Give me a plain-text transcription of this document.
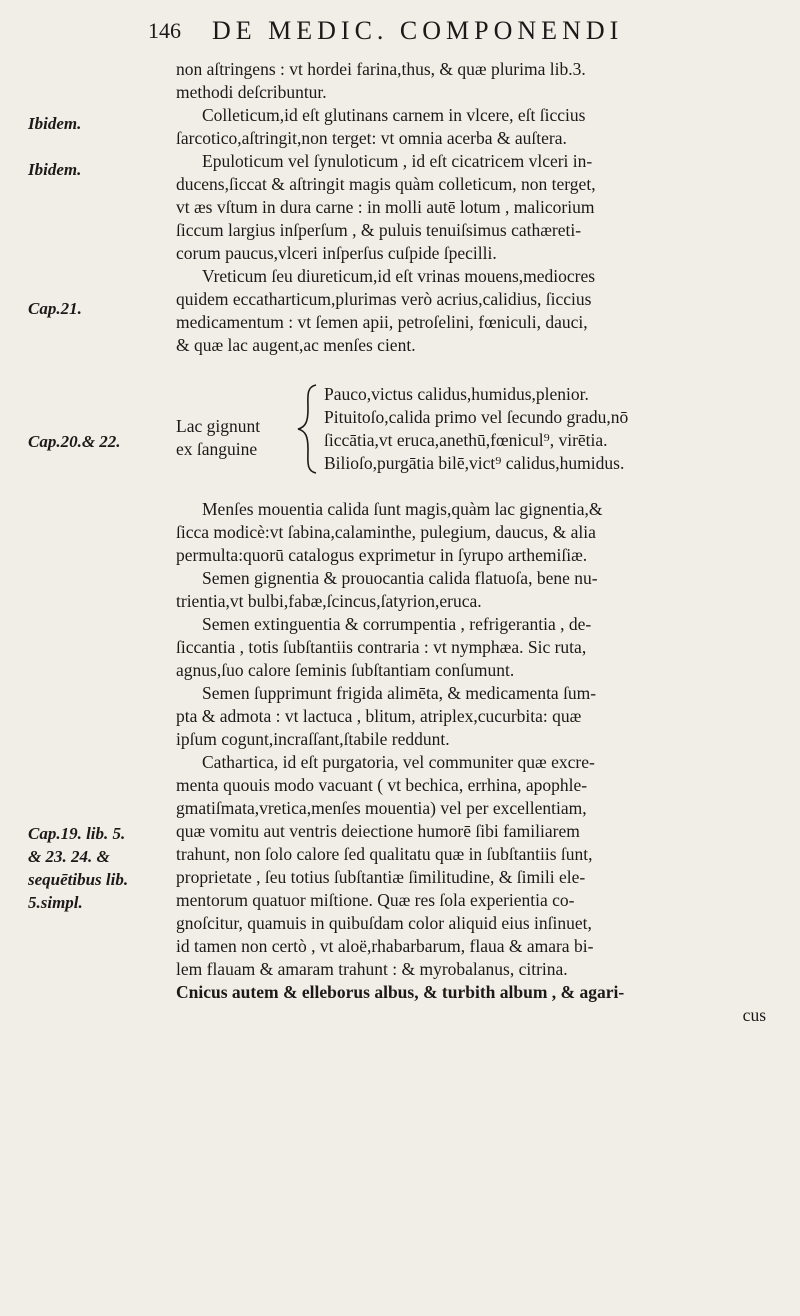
146 DE MEDIC. COMPONENDI
Ibidem.
Ibidem.
Cap.21.
Cap.20.& 22.
Cap.19. lib. 5.
& 23. 24. &
sequētibus lib.
5.simpl.
non aſtringens : vt hordei farina,thus, & quæ plurima lib.3.
methodi deſcribuntur.
Colleticum,id eſt glutinans carnem in vlcere, eſt ſiccius
ſarcotico,aſtringit,non terget: vt omnia acerba & auſtera.
Epuloticum vel ſynuloticum , id eſt cicatricem vlceri in-
ducens,ſiccat & aſtringit magis quàm colleticum, non terget,
vt æs vſtum in dura carne : in molli autē lotum , malicorium
ſiccum largius inſperſum , & puluis tenuiſsimus cathæreti-
corum paucus,vlceri inſperſus cuſpide ſpecilli.
Vreticum ſeu diureticum,id eſt vrinas mouens,mediocres
quidem eccatharticum,plurimas verò acrius,calidius, ſiccius
medicamentum : vt ſemen apii, petroſelini, fœniculi, dauci,
& quæ lac augent,ac menſes cient.
Lac gignunt
ex ſanguine
Pauco,victus calidus,humidus,plenior.
Pituitoſo,calida primo vel ſecundo gradu,nō
ſiccātia,vt eruca,anethū,fœnicul⁹, virētia.
Bilioſo,purgātia bilē,vict⁹ calidus,humidus.
Menſes mouentia calida ſunt magis,quàm lac gignentia,&
ſicca modicè:vt ſabina,calaminthe, pulegium, daucus, & alia
permulta:quorū catalogus exprimetur in ſyrupo arthemiſiæ.
Semen gignentia & prouocantia calida flatuoſa, bene nu-
trientia,vt bulbi,fabæ,ſcincus,ſatyrion,eruca.
Semen extinguentia & corrumpentia , refrigerantia , de-
ſiccantia , totis ſubſtantiis contraria : vt nymphæa. Sic ruta,
agnus,ſuo calore ſeminis ſubſtantiam conſumunt.
Semen ſupprimunt frigida alimēta, & medicamenta ſum-
pta & admota : vt lactuca , blitum, atriplex,cucurbita: quæ
ipſum cogunt,incraſſant,ſtabile reddunt.
Cathartica, id eſt purgatoria, vel communiter quæ excre-
menta quouis modo vacuant ( vt bechica, errhina, apophle-
gmatiſmata,vretica,menſes mouentia) vel per excellentiam,
quæ vomitu aut ventris deiectione humorē ſibi familiarem
trahunt, non ſolo calore ſed qualitatu quæ in ſubſtantiis ſunt,
proprietate , ſeu totius ſubſtantiæ ſimilitudine, & ſimili ele-
mentorum quatuor miſtione. Quæ res ſola experientia co-
gnoſcitur, quamuis in quibuſdam color aliquid eius inſinuet,
id tamen non certò , vt aloë,rhabarbarum, flaua & amara bi-
lem flauam & amaram trahunt : & myrobalanus, citrina.
Cnicus autem & elleborus albus, & turbith album , & agari-
cus
